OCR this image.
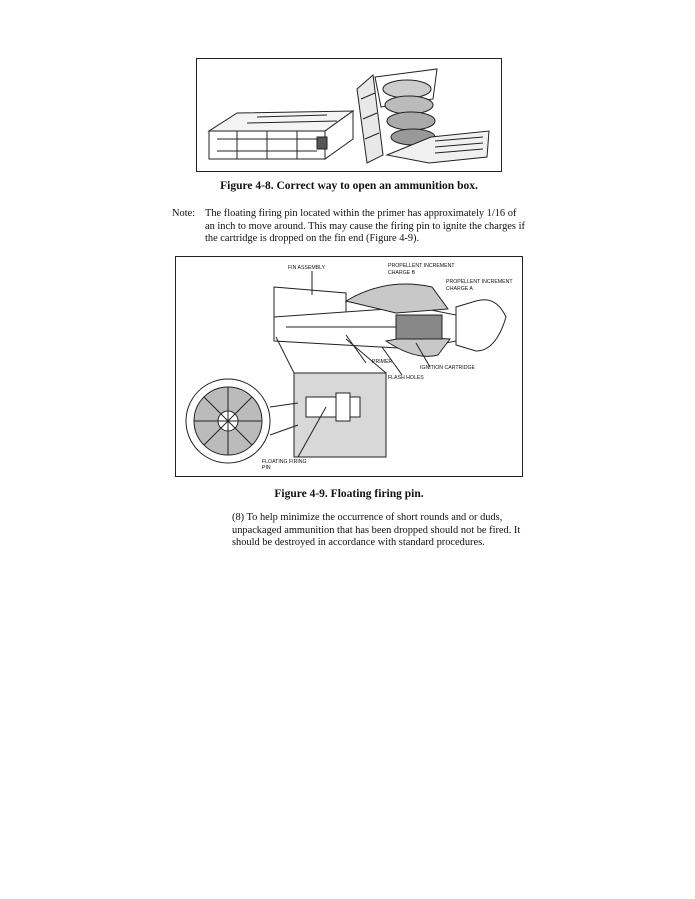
Figure 4-8. Correct way to open an ammunition box.
Note: The floating firing pin located within the primer has approximately 1/16 of an inch to move around. This may cause the firing pin to ignite the charges if the cartridge is dropped on the fin end (Figure 4-9).
FIN ASSEMBLY	PROPELLENT INCREMENT
CHARGE B
PROPELLENT INCREMENT
CHARGE A
PRIMER
IGNITION CARTRIDGE
FLASH HOLES
FLOATING FIRING
PIN
Figure 4-9. Floating firing pin.
(8) To help minimize the occurrence of short rounds and or duds, unpackaged ammunition that has been dropped should not be fired. It should be destroyed in accordance with standard procedures.
